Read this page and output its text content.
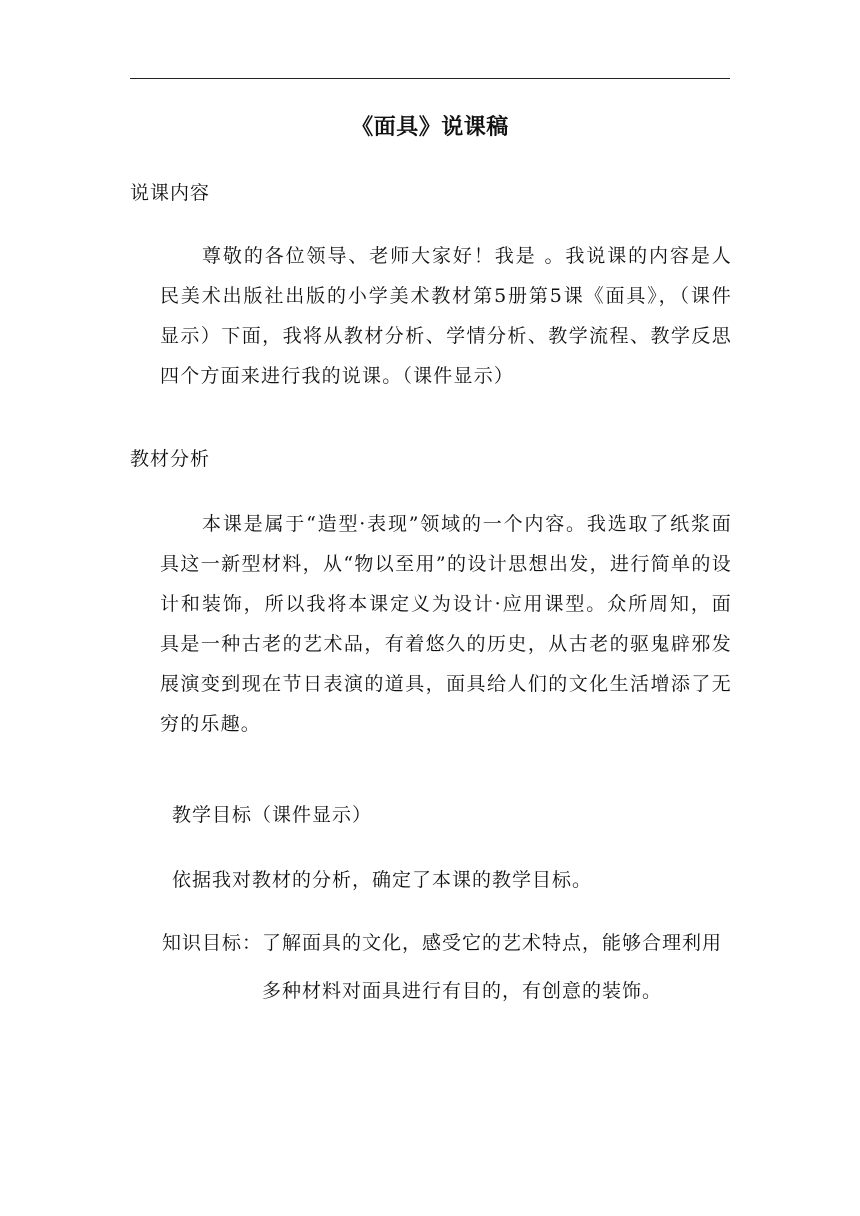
《面具》说课稿
说课内容
尊敬的各位领导、老师大家好！我是 。我说课的内容是人民美术出版社出版的小学美术教材第5册第5课《面具》，（课件显示）下面，我将从教材分析、学情分析、教学流程、教学反思四个方面来进行我的说课。（课件显示）
教材分析
本课是属于“造型·表现”领域的一个内容。我选取了纸浆面具这一新型材料，从“物以至用”的设计思想出发，进行简单的设计和装饰，所以我将本课定义为设计·应用课型。众所周知，面具是一种古老的艺术品，有着悠久的历史，从古老的驱鬼辟邪发展演变到现在节日表演的道具，面具给人们的文化生活增添了无穷的乐趣。
教学目标（课件显示）
依据我对教材的分析，确定了本课的教学目标。
知识目标： 了解面具的文化，感受它的艺术特点，能够合理利用
多种材料对面具进行有目的，有创意的装饰。
